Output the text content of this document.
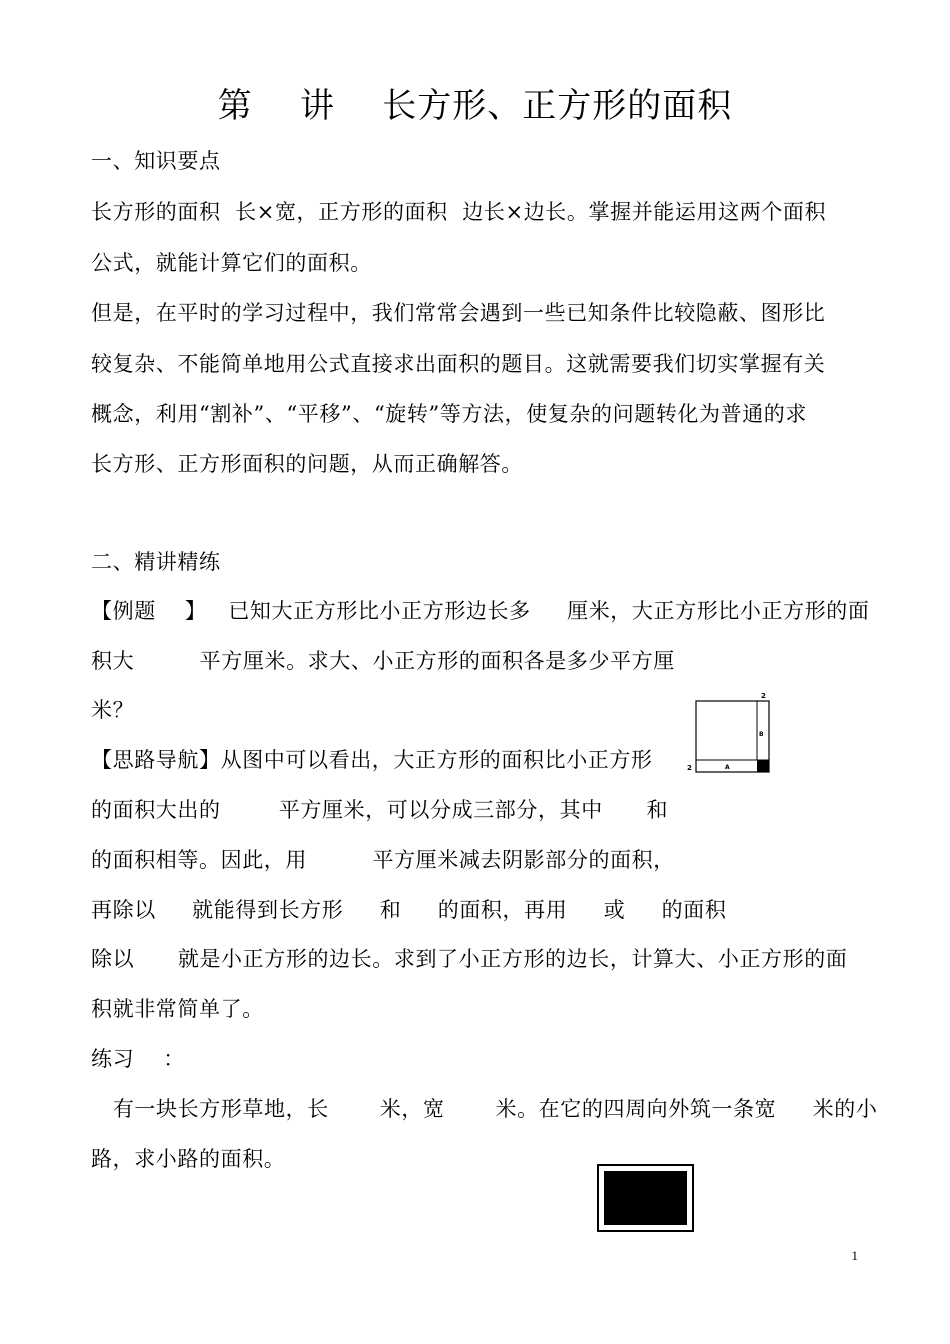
第    讲    长方形、正方形的面积
一、知识要点
长方形的面积  长×宽，正方形的面积  边长×边长。掌握并能运用这两个面积
公式，就能计算它们的面积。
但是，在平时的学习过程中，我们常常会遇到一些已知条件比较隐蔽、图形比
较复杂、不能简单地用公式直接求出面积的题目。这就需要我们切实掌握有关
概念，利用“割补”、“平移”、“旋转”等方法，使复杂的问题转化为普通的求
长方形、正方形面积的问题，从而正确解答。
二、精讲精练
【例题    】   已知大正方形比小正方形边长多     厘米，大正方形比小正方形的面
积大         平方厘米。求大、小正方形的面积各是多少平方厘
米？
【思路导航】从图中可以看出，大正方形的面积比小正方形
的面积大出的        平方厘米，可以分成三部分，其中      和
的面积相等。因此，用         平方厘米减去阴影部分的面积，
再除以     就能得到长方形     和     的面积，再用     或     的面积
除以      就是小正方形的边长。求到了小正方形的边长，计算大、小正方形的面
积就非常简单了。
练习    ：
有一块长方形草地，长       米，宽       米。在它的四周向外筑一条宽     米的小
路，求小路的面积。
2
2
B
A
1
